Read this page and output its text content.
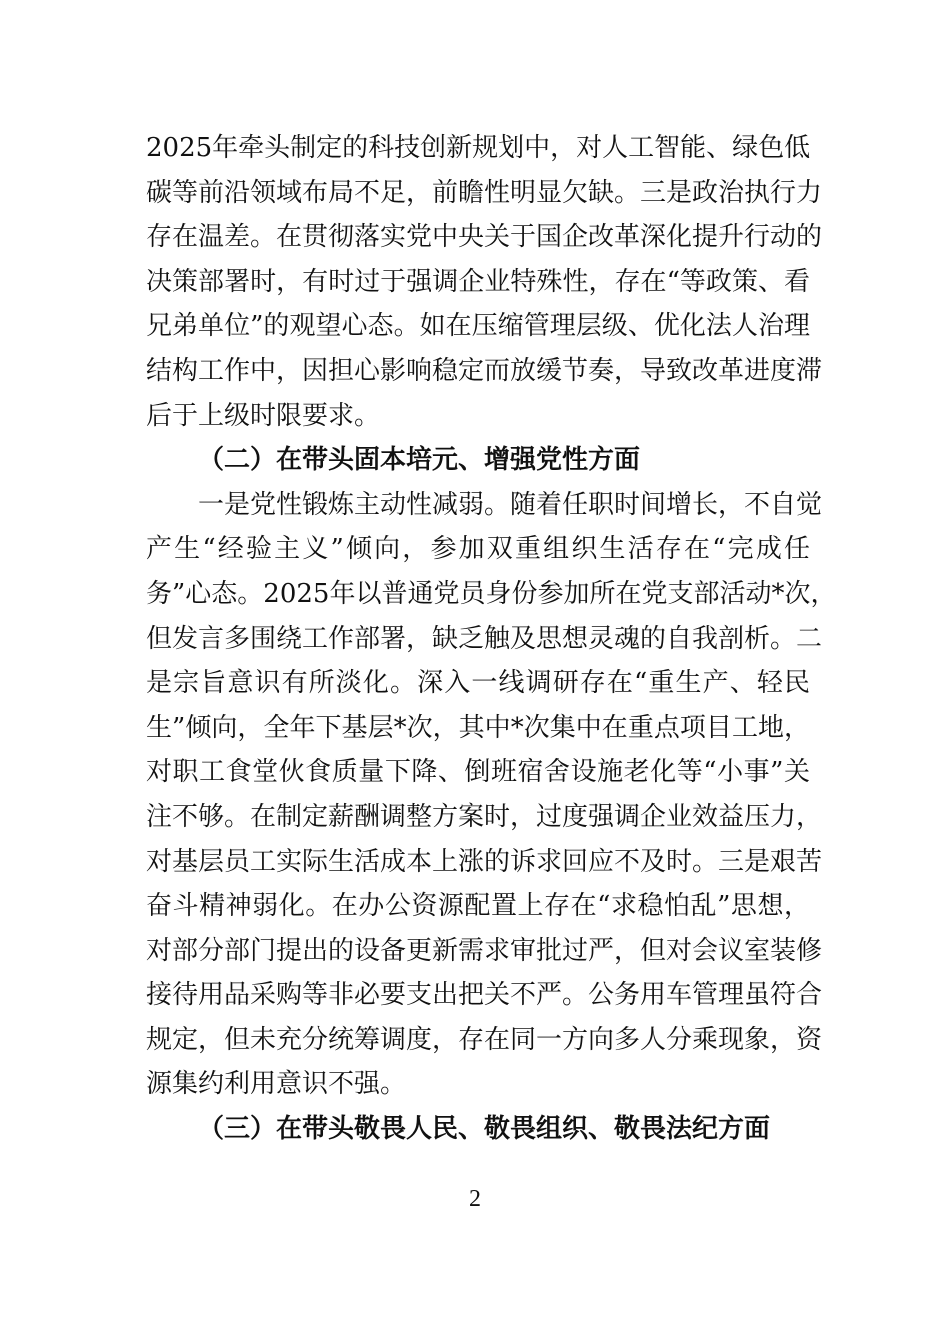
2025年牵头制定的科技创新规划中，对人工智能、绿色低
碳等前沿领域布局不足，前瞻性明显欠缺。三是政治执行力
存在温差。在贯彻落实党中央关于国企改革深化提升行动的
决策部署时，有时过于强调企业特殊性，存在“等政策、看
兄弟单位”的观望心态。如在压缩管理层级、优化法人治理
结构工作中，因担心影响稳定而放缓节奏，导致改革进度滞
后于上级时限要求。
（二）在带头固本培元、增强党性方面
一是党性锻炼主动性减弱。随着任职时间增长，不自觉
产生“经验主义”倾向，参加双重组织生活存在“完成任
务”心态。2025年以普通党员身份参加所在党支部活动*次，
但发言多围绕工作部署，缺乏触及思想灵魂的自我剖析。二
是宗旨意识有所淡化。深入一线调研存在“重生产、轻民
生”倾向，全年下基层*次，其中*次集中在重点项目工地，
对职工食堂伙食质量下降、倒班宿舍设施老化等“小事”关
注不够。在制定薪酬调整方案时，过度强调企业效益压力，
对基层员工实际生活成本上涨的诉求回应不及时。三是艰苦
奋斗精神弱化。在办公资源配置上存在“求稳怕乱”思想，
对部分部门提出的设备更新需求审批过严，但对会议室装修
接待用品采购等非必要支出把关不严。公务用车管理虽符合
规定，但未充分统筹调度，存在同一方向多人分乘现象，资
源集约利用意识不强。
（三）在带头敬畏人民、敬畏组织、敬畏法纪方面
2
